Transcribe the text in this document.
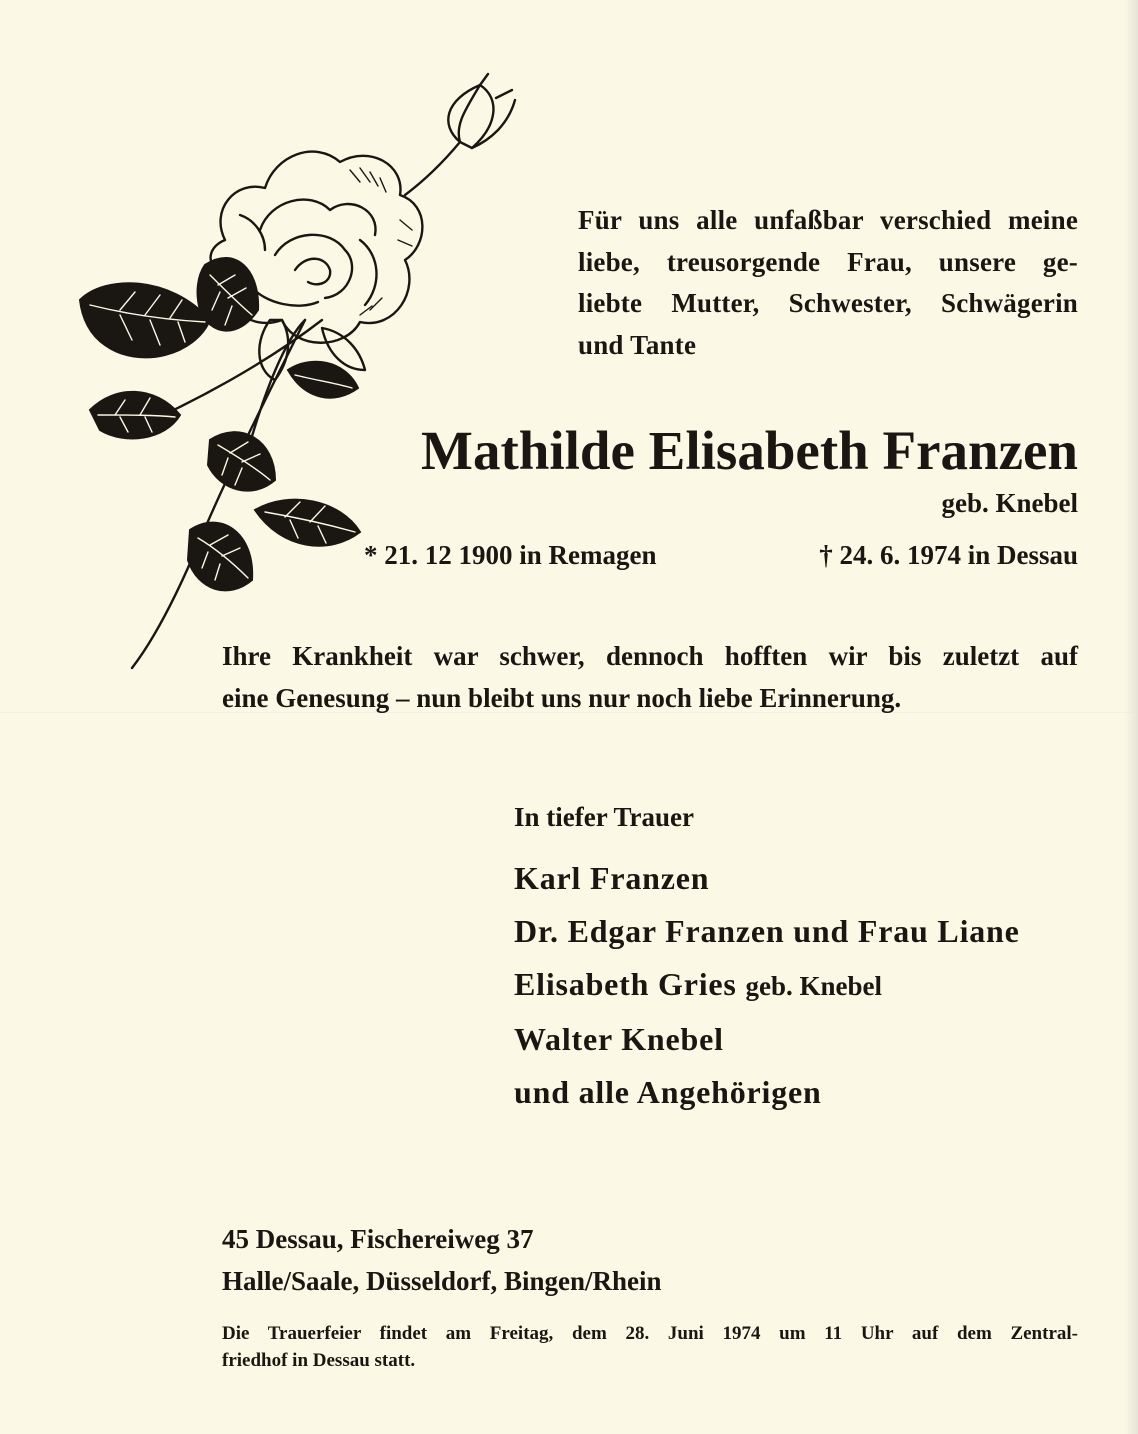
Für uns alle unfaßbar verschied meine
liebe, treusorgende Frau, unsere ge-
liebte Mutter, Schwester, Schwägerin
und Tante
Mathilde Elisabeth Franzen
geb. Knebel
* 21. 12 1900 in Remagen	† 24. 6. 1974 in Dessau
Ihre Krankheit war schwer, dennoch hofften wir bis zuletzt auf
eine Genesung – nun bleibt uns nur noch liebe Erinnerung.
In tiefer Trauer
Karl Franzen
Dr. Edgar Franzen und Frau Liane
Elisabeth Gries geb. Knebel
Walter Knebel
und alle Angehörigen
45 Dessau, Fischereiweg 37
Halle/Saale, Düsseldorf, Bingen/Rhein
Die Trauerfeier findet am Freitag, dem 28. Juni 1974 um 11 Uhr auf dem Zentral-
friedhof in Dessau statt.
